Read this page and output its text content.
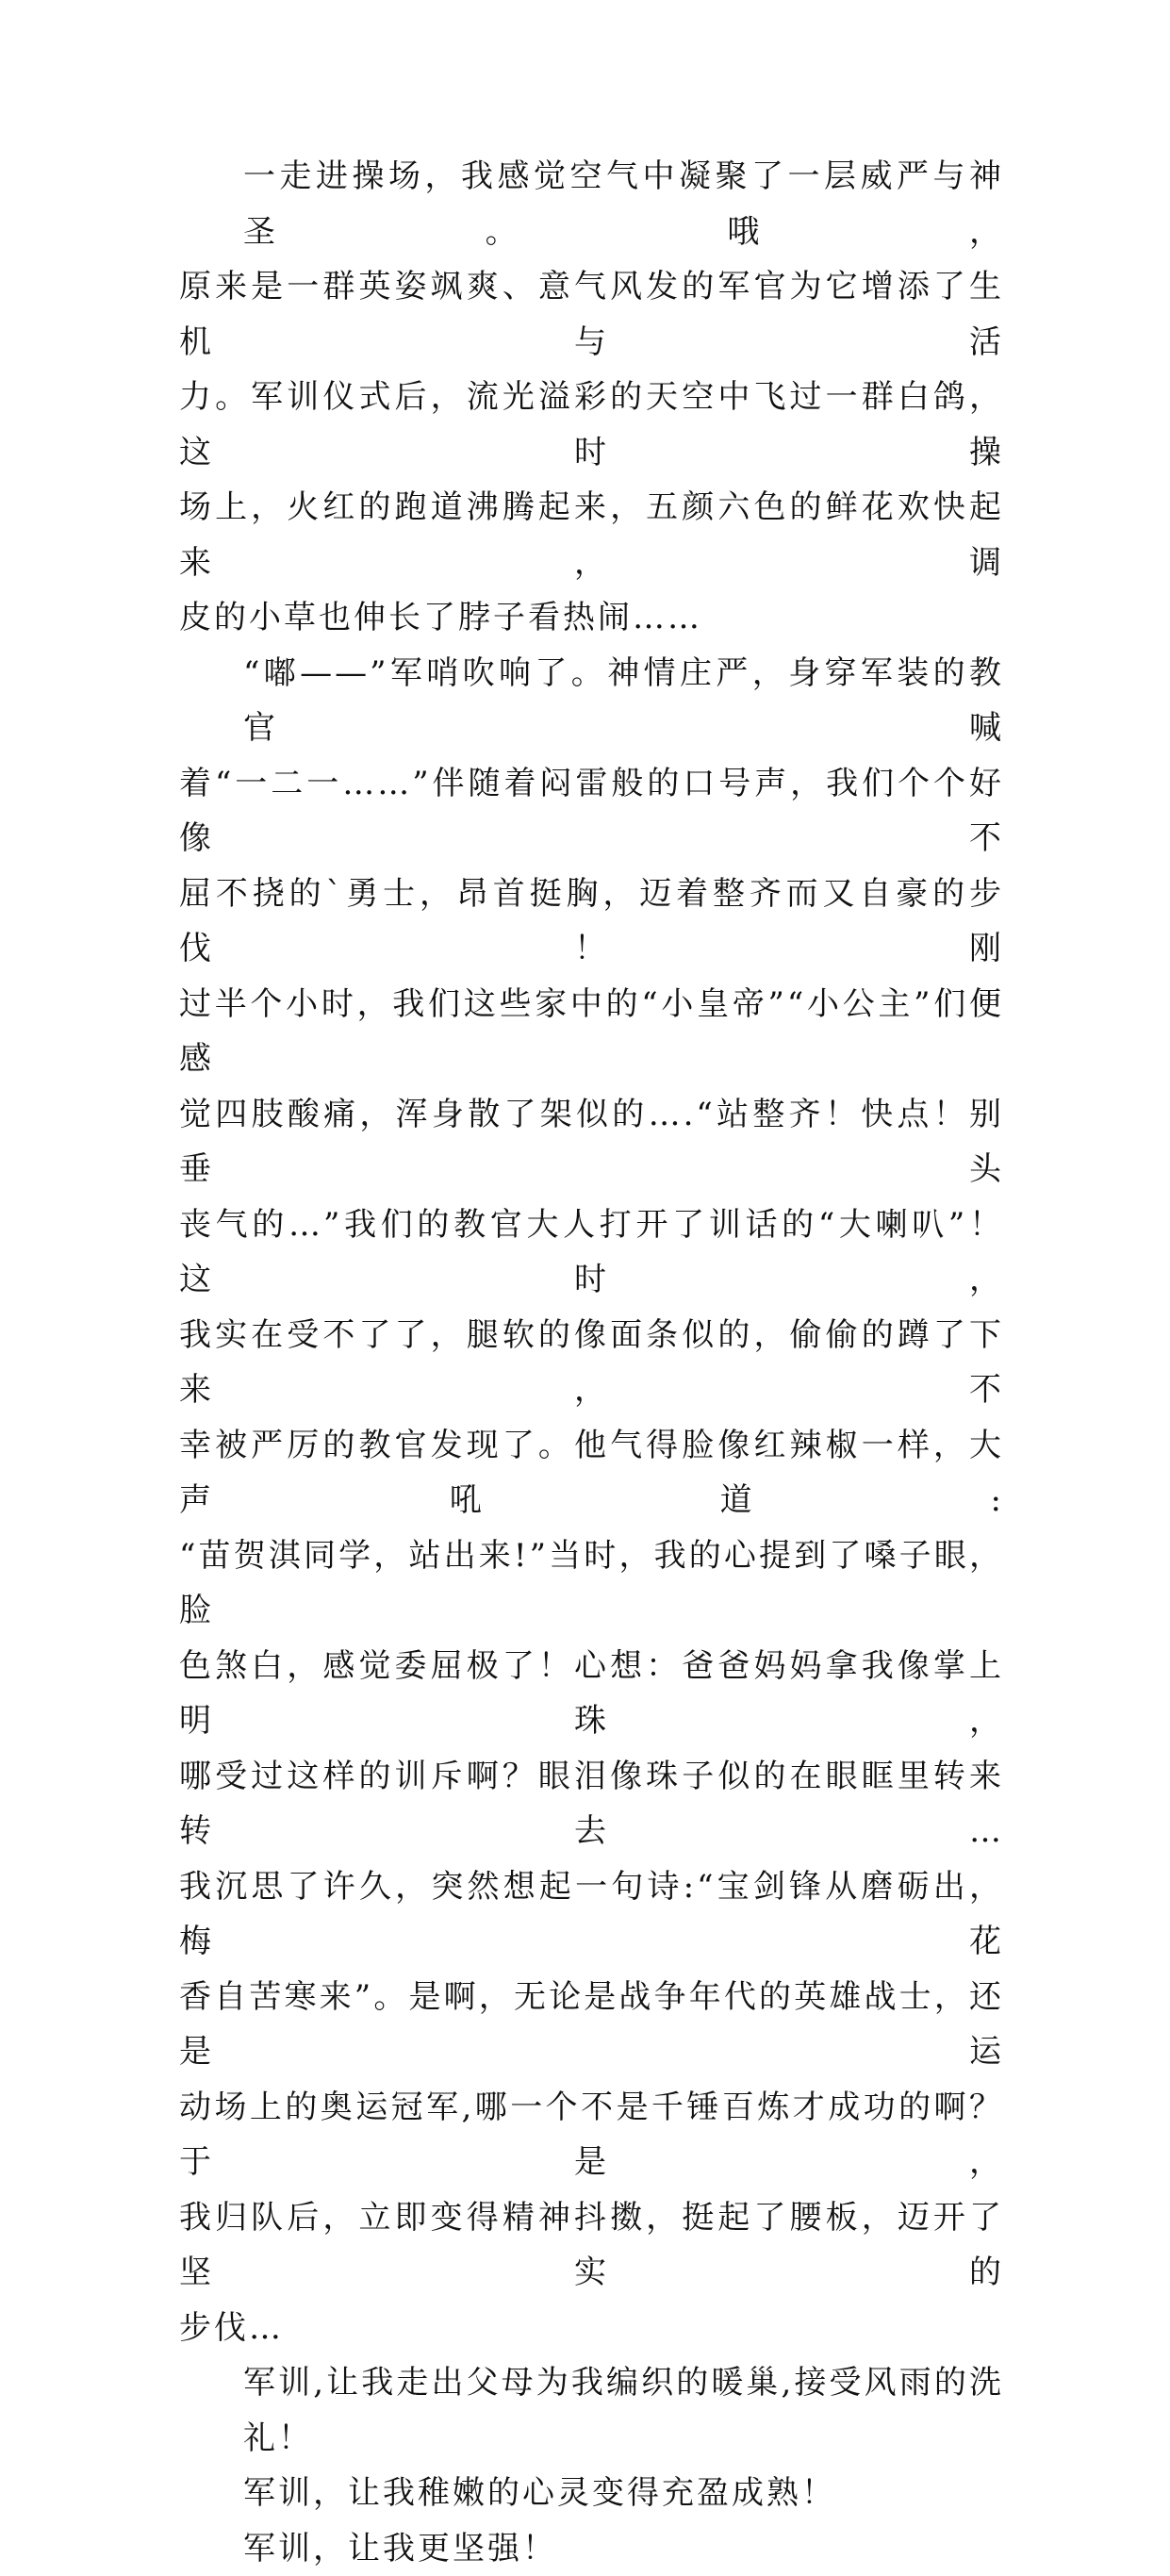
一走进操场，我感觉空气中凝聚了一层威严与神圣。哦，
原来是一群英姿飒爽、意气风发的军官为它增添了生机与活
力。军训仪式后，流光溢彩的天空中飞过一群白鸽，这时操
场上，火红的跑道沸腾起来，五颜六色的鲜花欢快起来，调
皮的小草也伸长了脖子看热闹……

“嘟——”军哨吹响了。神情庄严，身穿军装的教官喊
着“一二一……”伴随着闷雷般的口号声，我们个个好像不
屈不挠的`勇士，昂首挺胸，迈着整齐而又自豪的步伐！刚
过半个小时，我们这些家中的“小皇帝”“小公主”们便感
觉四肢酸痛，浑身散了架似的….“站整齐！快点！别垂头
丧气的…”我们的教官大人打开了训话的“大喇叭”！这时，
我实在受不了了，腿软的像面条似的，偷偷的蹲了下来，不
幸被严厉的教官发现了。他气得脸像红辣椒一样，大声吼道:
“苗贺淇同学，站出来!”当时，我的心提到了嗓子眼，脸
色煞白，感觉委屈极了！心想：爸爸妈妈拿我像掌上明珠，
哪受过这样的训斥啊？眼泪像珠子似的在眼眶里转来转去…
我沉思了许久，突然想起一句诗:“宝剑锋从磨砺出，梅花
香自苦寒来”。是啊，无论是战争年代的英雄战士，还是运
动场上的奥运冠军,哪一个不是千锤百炼才成功的啊？于是，
我归队后，立即变得精神抖擞，挺起了腰板，迈开了坚实的
步伐…

军训,让我走出父母为我编织的暖巢,接受风雨的洗礼！

军训，让我稚嫩的心灵变得充盈成熟！

军训，让我更坚强！
